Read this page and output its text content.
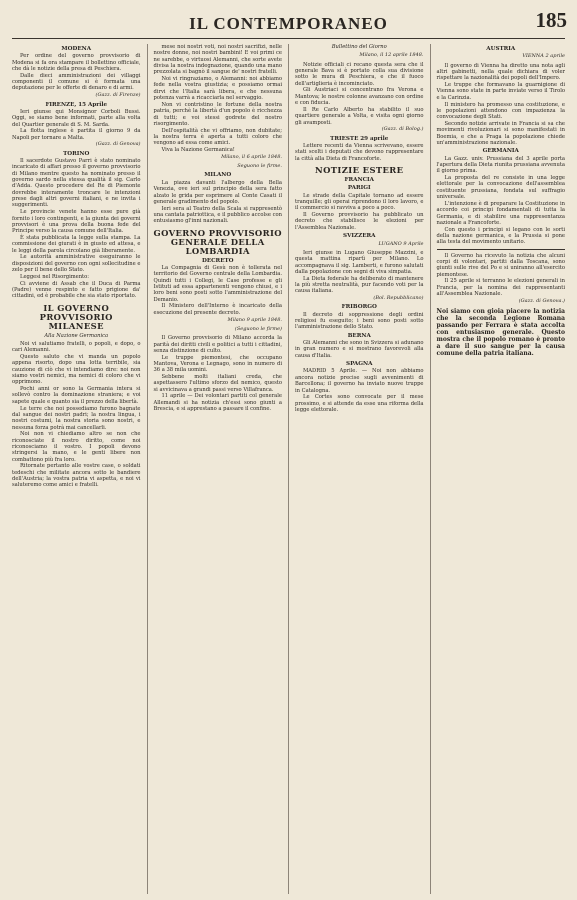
IL CONTEMPORANEO	185
MODENA

Per ordine del governo provvisorio di Modena si fa ora stampare il bollettino officiale, che dà le notizie della presa di Peschiera.

Dalle dieci amministrazioni dei villaggi componenti il comune si è formata una deputazione per le offerte di denaro e di armi.

(Gazz. di Firenze)
FIRENZE, 15 Aprile

Ieri giunse qui Monsignor Corboli Bussi. Oggi, se siamo bene informati, parte alla volta del Quartier generale di S. M. Sarda.

La flotta inglese è partita il giorno 9 da Napoli per tornare a Malta.

(Gazz. di Genova)
TORINO

Il sacerdote Gustavo Parri è stato nominato incaricato di affari presso il governo provvisorio di Milano mentre questo ha nominato presso il governo sardo nella stessa qualità il sig. Carlo d'Adda. Questo procedere del Re di Piemonte dovrebbe interamente troncare le intenzioni prese dagli altri governi italiani, e ne invita i suggerimenti.

Le provincie venete hanno esse pure già fornito i loro contingenti, e la giunta dei governi provvisori è una prova della buona fede del Principe verso la causa comune dell'Italia.

È stata pubblicata la legge sulla stampa. La commissione dei giurati è in giusto ed attesa, e le leggi della parola circolano già liberamente.

Le autorità amministrative eseguiranno le disposizioni del governo con ogni sollecitudine e zelo per il bene dello Stato.

Leggesi nel Risorgimento:

Ci avviene di Assab che il Duca di Parma (Padre) venne respinto e fatto prigione da' cittadini, ed è probabile che sia stato riportato.

IL GOVERNO PROVVISORIO MILANESE
Alla Nazione Germanica

Noi vi salutiamo fratelli, o popoli, e dopo, o cari Alemanni.

Questo saluto che vi manda un popolo appena risorto, dopo una lotta terribile, sia cauzione di ciò che vi intendiamo dire: noi non siamo vostri nemici, ma nemici di coloro che vi opprimono.

Pochi anni or sono la Germania intera si sollevò contro la dominazione straniera; e voi sapete quale e quanto sia il prezzo della libertà.

Le terre che noi possediamo furono bagnate dal sangue dei nostri padri; la nostra lingua, i nostri costumi, la nostra storia sono nostri, e nessuna forza potrà mai cancellarli.

Noi non vi chiediamo altro se non che riconosciate il nostro diritto, come noi riconosciamo il vostro. I popoli devono stringersi la mano, e le genti libere non combattono più fra loro.

Ritornate pertanto alle vostre case, o soldati tedeschi che militate ancora sotto le bandiere dell'Austria; la vostra patria vi aspetta, e noi vi saluteremo come amici e fratelli.

mese noi nostri voti, noi nostri sacrifizi, nelle nostre donne, noi nostri bambini! E voi primi ce ne sarebbe, o virtuosi Alemanni, che sorte avete divisa la nostra indegnazione, quando una mano prezzolata si bagnò il sangue de' nostri fratelli.

Noi vi ringraziamo, o Alemanni: noi abbiamo fede nella vostra giustizia; e possiamo ormai dirvi che l'Italia sarà libera, e che nessuna potenza varrà a ricacciarla nel servaggio.

Non vi contristino le fortune della nostra patria, perchè la libertà d'un popolo è ricchezza di tutti; e voi stessi godrete del nostro risorgimento.

Dell'ospitalità che vi offriamo, non dubitate; la nostra terra è aperta a tutti coloro che vengono ad essa come amici.

Viva la Nazione Germanica!

Milano, il 6 aprile 1848.
Seguono le firme.
MILANO

La piazza davanti l'albergo della Bella Venezia, ove ieri sul principio della sera fatto alzato le grida per esprimere al Conte Casati il generale gradimento del popolo.

Ieri sera al Teatro della Scala si rappresentò una cantata patriottica, e il pubblico accolse con entusiasmo gl'inni nazionali.

GOVERNO PROVVISORIO GENERALE DELLA LOMBARDIA
DECRETO

La Compagnia di Gesù non è tollerata nel territorio del Governo centrale della Lombardia. Quindi tutti i Collegi, le Case professe e gli Istituti ad essa appartenenti vengono chiusi, e i loro beni sono posti sotto l'amministrazione del Demanio.

Il Ministero dell'Interno è incaricato della esecuzione del presente decreto.

Milano 9 aprile 1848.
(Seguono le firme)

Il Governo provvisorio di Milano accorda la parità dei diritti civili e politici a tutti i cittadini, senza distinzione di culto.

Le truppe piemontesi, che occupano Mantova, Verona e Legnago, sono in numero di 36 a 38 mila uomini.

Sebbene molti italiani creda, che aspettassero l'ultimo sforzo del nemico, questo si avvicinava a grandi passi verso Villafranca.

11 aprile — Dei volontari partiti col generale Allemandi si ha notizia ch'essi sono giunti a Brescia, e si apprestano a passare il confine.

Bullettino del Giorno
Milano, il 12 aprile 1848.

Notizie officiali ci recano questa sera che il generale Bava si è portato colla sua divisione sotto le mura di Peschiera, e che il fuoco dell'artiglieria è incominciato.

Gli Austriaci si concentrano fra Verona e Mantova; le nostre colonne avanzano con ordine e con fiducia.

Il Re Carlo Alberto ha stabilito il suo quartiere generale a Volta, e visita ogni giorno gli avamposti.

(Gazz. di Bolog.)
TRIESTE 29 aprile

Lettere recenti da Vienna scrivevano, essere stati scelti i deputati che devono rappresentare la città alla Dieta di Francoforte.

NOTIZIE ESTERE
FRANCIA
PARIGI

Le strade della Capitale tornano ad essere tranquille; gli operai riprendono il loro lavoro, e il commercio si ravviva a poco a poco.

Il Governo provvisorio ha pubblicato un decreto che stabilisce le elezioni per l'Assemblea Nazionale.

SVIZZERA
LUGANO 9 Aprile

Ieri giunse in Lugano Giuseppe Mazzini, e questa mattina ripartì per Milano. Lo accompagnava il sig. Lamberti, e furono salutati dalla popolazione con segni di viva simpatia.

La Dieta federale ha deliberato di mantenere la più stretta neutralità, pur facendo voti per la causa italiana.

(Bol. Repubblicano)
FRIBORGO

Il decreto di soppressione degli ordini religiosi fu eseguito; i beni sono posti sotto l'amministrazione dello Stato.

BERNA

Gli Alemanni che sono in Svizzera si adunano in gran numero e si mostrano favorevoli alla causa d'Italia.

SPAGNA

MADRID 5 Aprile. — Noi non abbiamo ancora notizie precise sugli avvenimenti di Barcellona; il governo ha inviato nuove truppe in Catalogna.

Le Cortes sono convocate per il mese prossimo, e si attende da esse una riforma della legge elettorale.

AUSTRIA
VIENNA 2 aprile

Il governo di Vienna ha diretto una nota agli altri gabinetti, nella quale dichiara di voler rispettare la nazionalità dei popoli dell'Impero.

Le truppe che formavano la guarnigione di Vienna sono state in parte inviate verso il Tirolo e la Carinzia.

Il ministero ha promesso una costituzione, e le popolazioni attendono con impazienza la convocazione degli Stati.

Secondo notizie arrivate in Francia si sa che movimenti rivoluzionari si sono manifestati in Boemia, e che a Praga la popolazione chiede un'amministrazione nazionale.

GERMANIA

La Gazz. univ. Prussiana del 3 aprile porta l'apertura della Dieta riunita prussiana avvenuta il giorno prima.

La proposta del re consiste in una legge elettorale per la convocazione dell'assemblea costituente prussiana, fondata sul suffragio universale.

L'intenzione è di preparare la Costituzione in accordo coi principi fondamentali di tutta la Germania, e di stabilire una rappresentanza nazionale a Francoforte.

Con questo i principi si legano con le sorti della nazione germanica, e la Prussia si pone alla testa del movimento unitario.

Il Governo ha ricevuto la notizia che alcuni corpi di volontari, partiti dalla Toscana, sono giunti sulle rive del Po e si uniranno all'esercito piemontese.

Il 25 aprile si terranno le elezioni generali in Francia, per la nomina dei rappresentanti all'Assemblea Nazionale.

(Gazz. di Genova.)
Noi siamo con gioia piacere la notizia che la seconda Legione Romana passando per Ferrara è stata accolta con entusiasmo generale. Questo mostra che il popolo romano è pronto a dare il suo sangue per la causa comune della patria italiana.
